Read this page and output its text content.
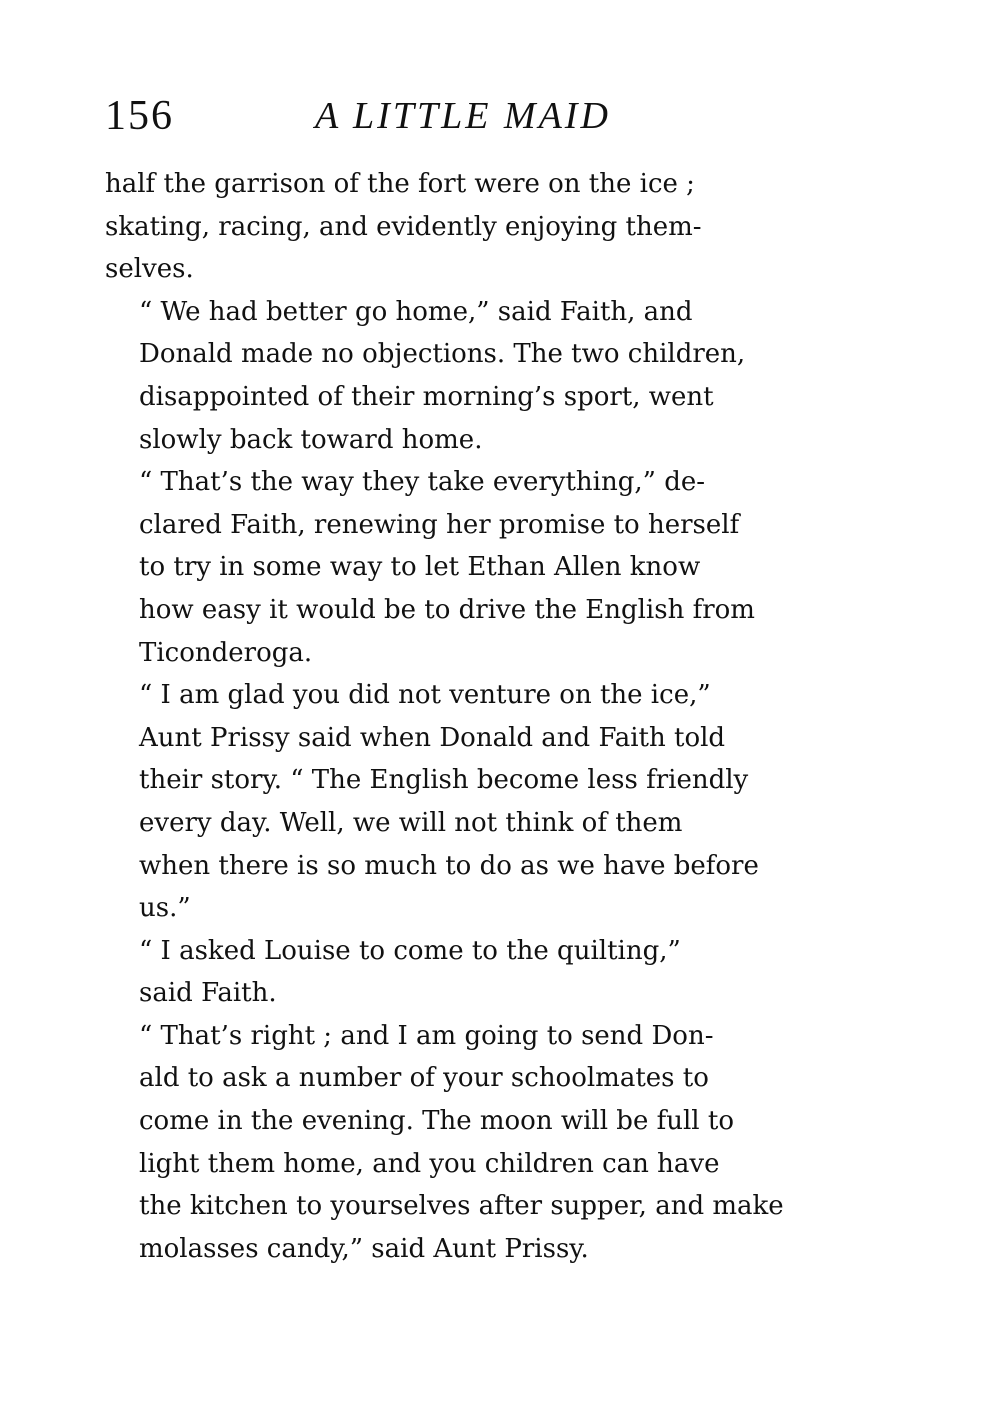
156	A LITTLE MAID

half the garrison of the fort were on the ice ;
skating, racing, and evidently enjoying them-
selves.

“ We had better go home,” said Faith, and
Donald made no objections. The two children,
disappointed of their morning’s sport, went
slowly back toward home.

“ That’s the way they take everything,” de-
clared Faith, renewing her promise to herself
to try in some way to let Ethan Allen know
how easy it would be to drive the English from
Ticonderoga.

“ I am glad you did not venture on the ice,”
Aunt Prissy said when Donald and Faith told
their story. “ The English become less friendly
every day. Well, we will not think of them
when there is so much to do as we have before
us.”

“ I asked Louise to come to the quilting,”
said Faith.

“ That’s right ; and I am going to send Don-
ald to ask a number of your schoolmates to
come in the evening. The moon will be full to
light them home, and you children can have
the kitchen to yourselves after supper, and make
molasses candy,” said Aunt Prissy.
